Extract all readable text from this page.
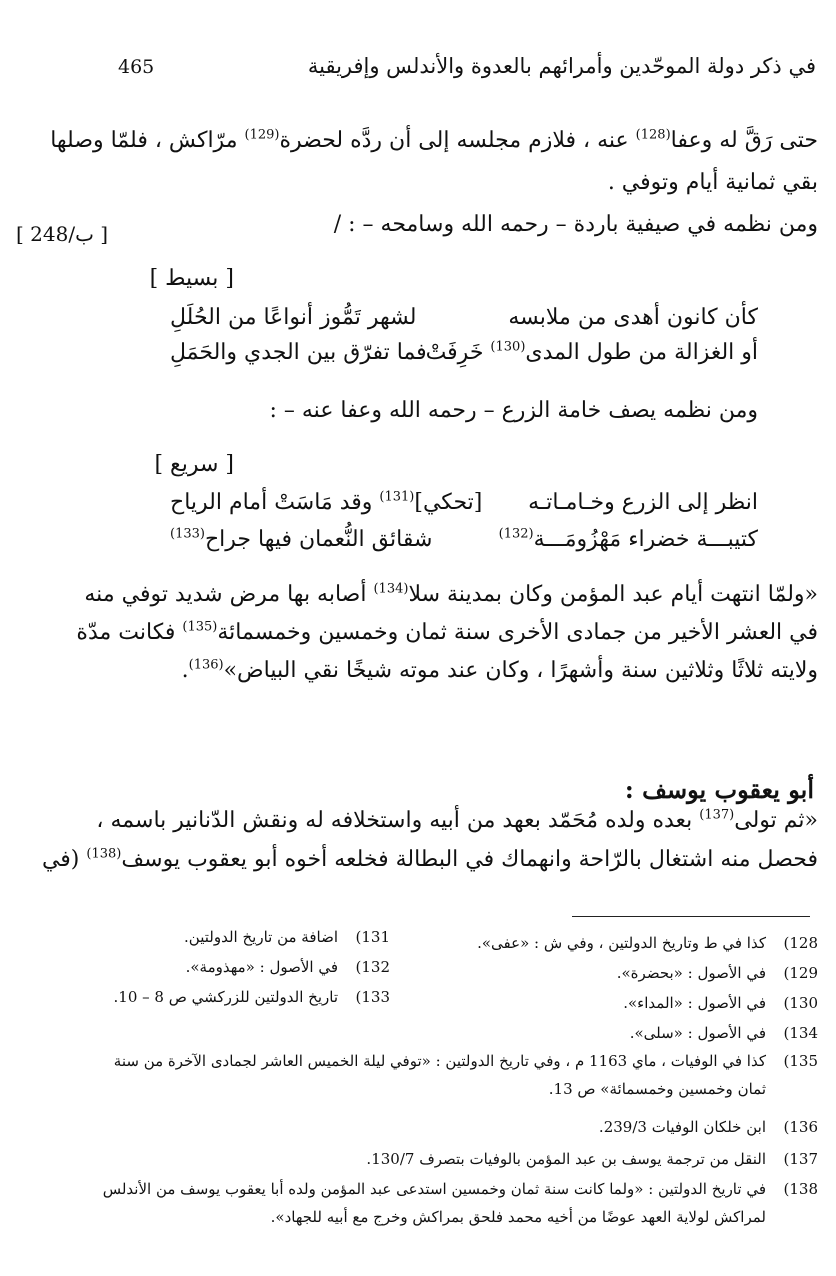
465	في ذكر دولة الموحّدين وأمرائهم بالعدوة والأندلس وإفريقية
حتى رَقَّ له وعفا$^{(128)}$ عنه ، فلازم مجلسه إلى أن ردَّه لحضرة$^{(129)}$ مرّاكش ، فلمّا وصلها
بقي ثمانية أيام وتوفي .
ومن نظمه في صيفية باردة – رحمه الله وسامحه – : /
[ 248/ب ]
[ بسيط ]
كأن كانون أهدى من ملابسه
لشهر تَمُّوز أنواعًا من الحُلَلِ
أو الغزالة من طول المدى$^{(130)}$ خَرِفَتْ
فما تفرّق بين الجدي والحَمَلِ
ومن نظمه يصف خامة الزرع – رحمه الله وعفا عنه – :
[ سريع ]
انظر إلى الزرع وخـامـاتـه
[تحكي]$^{(131)}$ وقد مَاسَتْ أمام الرياح
كتيبـــة خضراء مَهْزُومَـــة$^{(132)}$
شقائق النُّعمان فيها جراح$^{(133)}$
«ولمّا انتهت أيام عبد المؤمن وكان بمدينة سلا$^{(134)}$ أصابه بها مرض شديد توفي منه
في العشر الأخير من جمادى الأخرى سنة ثمان وخمسين وخمسمائة$^{(135)}$ فكانت مدّة
ولايته ثلاثًا وثلاثين سنة وأشهرًا ، وكان عند موته شيخًا نقي البياض»$^{(136)}$.
أبو يعقوب يوسف :
«ثم تولى$^{(137)}$ بعده ولده مُحَمّد بعهد من أبيه واستخلافه له ونقش الدّنانير باسمه ،
فحصل منه اشتغال بالرّاحة وانهماك في البطالة فخلعه أخوه أبو يعقوب يوسف$^{(138)}$ (في
128)كذا في ط وتاريخ الدولتين ، وفي ش : «عفى».
129)في الأصول : «بحضرة».
130)في الأصول : «المداء».
134)في الأصول : «سلى».
135)كذا في الوفيات ، ماي 1163 م ، وفي تاريخ الدولتين : «توفي ليلة الخميس العاشر لجمادى الآخرة من سنة
ثمان وخمسين وخمسمائة» ص 13.
136)ابن خلكان الوفيات 239/3.
137)النقل من ترجمة يوسف بن عبد المؤمن بالوفيات بتصرف 130/7.
138)في تاريخ الدولتين : «ولما كانت سنة ثمان وخمسين استدعى عبد المؤمن ولده أبا يعقوب يوسف من الأندلس
لمراكش لولاية العهد عوضًا من أخيه محمد فلحق بمراكش وخرج مع أبيه للجهاد».
131)اضافة من تاريخ الدولتين.
132)في الأصول : «مهذومة».
133)تاريخ الدولتين للزركشي ص 8 – 10.
